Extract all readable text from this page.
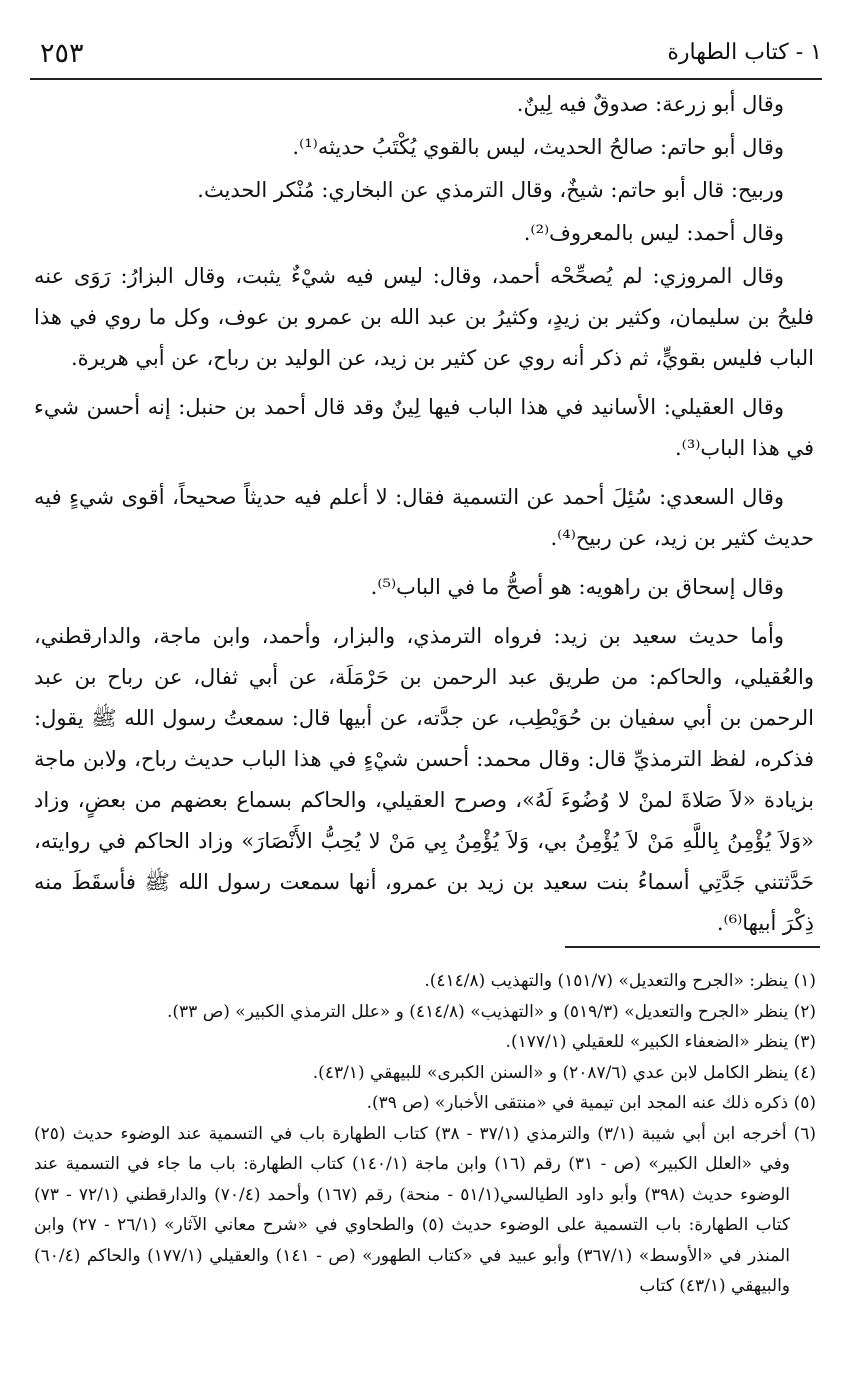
٢٥٣	١ - كتاب الطهارة

وقال أبو زرعة: صدوقٌ فيه لِينٌ.

وقال أبو حاتم: صالحُ الحديث، ليس بالقوي يُكْتَبُ حديثه⁽¹⁾.

وربيح: قال أبو حاتم: شيخٌ، وقال الترمذي عن البخاري: مُنْكر الحديث.

وقال أحمد: ليس بالمعروف⁽²⁾.

وقال المروزي: لم يُصحِّحْه أحمد، وقال: ليس فيه شيْءٌ يثبت، وقال البزارُ: رَوَى عنه فليحُ بن سليمان، وكثير بن زيدٍ، وكثيرُ بن عبد الله بن عمرو بن عوف، وكل ما روي في هذا الباب فليس بقويٍّ، ثم ذكر أنه روي عن كثير بن زيد، عن الوليد بن رباح، عن أبي هريرة.

وقال العقيلي: الأسانيد في هذا الباب فيها لِينٌ وقد قال أحمد بن حنبل: إنه أحسن شيء في هذا الباب⁽³⁾.

وقال السعدي: سُئِلَ أحمد عن التسمية فقال: لا أعلم فيه حديثاً صحيحاً، أقوى شيءٍ فيه حديث كثير بن زيد، عن ربيح⁽⁴⁾.

وقال إسحاق بن راهويه: هو أصحُّ ما في الباب⁽⁵⁾.

وأما حديث سعيد بن زيد: فرواه الترمذي، والبزار، وأحمد، وابن ماجة، والدارقطني، والعُقيلي، والحاكم: من طريق عبد الرحمن بن حَرْمَلَة، عن أبي ثفال، عن رباح بن عبد الرحمن بن أبي سفيان بن حُوَيْطِب، عن جدَّته، عن أبيها قال: سمعتُ رسول الله ﷺ يقول: فذكره، لفظ الترمذيِّ قال: وقال محمد: أحسن شيْءٍ في هذا الباب حديث رباح، ولابن ماجة بزيادة «لاَ صَلاةَ لمنْ لا وُضُوءَ لَهُ»، وصرح العقيلي، والحاكم بسماع بعضهم من بعضٍ، وزاد «وَلاَ يُؤْمِنُ بِاللَّهِ مَنْ لاَ يُؤْمِنُ بي، وَلاَ يُؤْمِنُ بِي مَنْ لا يُحِبُّ الأَنْصَارَ» وزاد الحاكم في روايته، حَدَّثتني جَدَّتِي أسماءُ بنت سعيد بن زيد بن عمرو، أنها سمعت رسول الله ﷺ فأسقَطَ منه ذِكْرَ أبيها⁽⁶⁾.

(١) ينظر: «الجرح والتعديل» (١٥١/٧) والتهذيب (٤١٤/٨).

(٢) ينظر «الجرح والتعديل» (٥١٩/٣) و «التهذيب» (٤١٤/٨) و «علل الترمذي الكبير» (ص ٣٣).

(٣) ينظر «الضعفاء الكبير» للعقيلي (١٧٧/١).

(٤) ينظر الكامل لابن عدي (٢٠٨٧/٦) و «السنن الكبرى» للبيهقي (٤٣/١).

(٥) ذكره ذلك عنه المجد ابن تيمية في «منتقى الأخبار» (ص ٣٩).

(٦) أخرجه ابن أبي شيبة (٣/١) والترمذي (٣٧/١ - ٣٨) كتاب الطهارة باب في التسمية عند الوضوء حديث (٢٥) وفي «العلل الكبير» (ص - ٣١) رقم (١٦) وابن ماجة (١٤٠/١) كتاب الطهارة: باب ما جاء في التسمية عند الوضوء حديث (٣٩٨) وأبو داود الطيالسي(٥١/١ - منحة) رقم (١٦٧) وأحمد (٧٠/٤) والدارقطني (٧٢/١ - ٧٣) كتاب الطهارة: باب التسمية على الوضوء حديث (٥) والطحاوي في «شرح معاني الآثار» (٢٦/١ - ٢٧) وابن المنذر في «الأوسط» (٣٦٧/١) وأبو عبيد في «كتاب الطهور» (ص - ١٤١) والعقيلي (١٧٧/١) والحاكم (٦٠/٤) والبيهقي (٤٣/١) كتاب
